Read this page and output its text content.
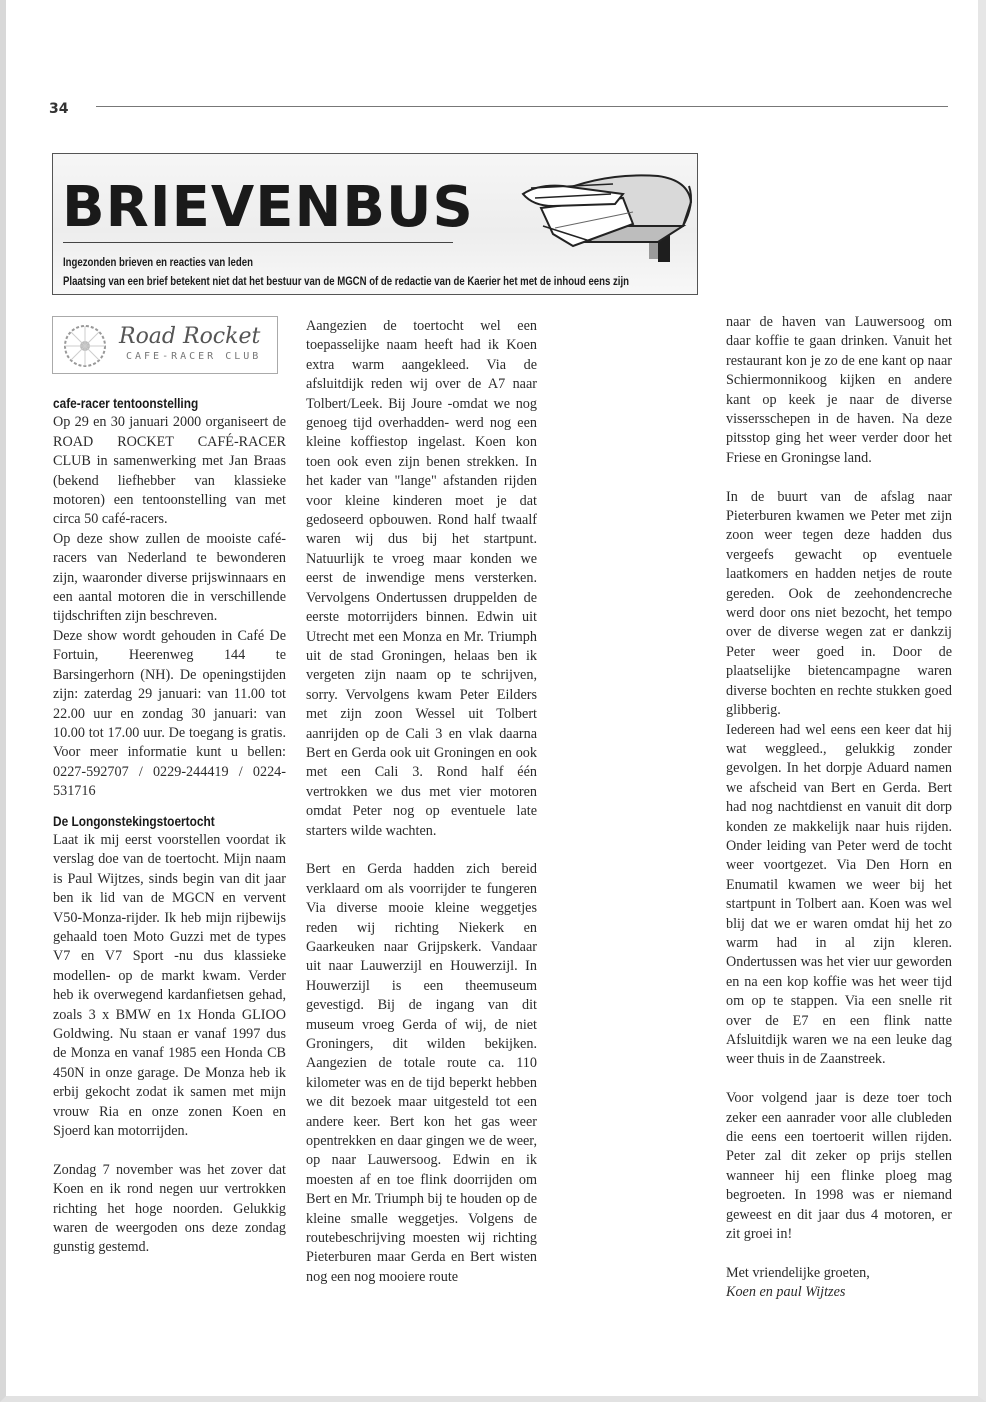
34
BRIEVENBUS
Ingezonden brieven en reacties van leden
Plaatsing van een brief betekent niet dat het bestuur van de MGCN of de redactie van de Kaerier het met de inhoud eens zijn
Road Rocket
CAFE-RACER CLUB
cafe-racer tentoonstelling

Op 29 en 30 januari 2000 organiseert de ROAD ROCKET CAFÉ-RACER CLUB in samenwerking met Jan Braas (bekend liefhebber van klassieke motoren) een tentoonstelling van met circa 50 café-racers.

Op deze show zullen de mooiste café-racers van Nederland te bewonderen zijn, waaronder diverse prijswinnaars en een aantal motoren die in verschillende tijdschriften zijn beschreven.

Deze show wordt gehouden in Café De Fortuin, Heerenweg 144 te Barsingerhorn (NH). De openingstijden zijn: zaterdag 29 januari: van 11.00 tot 22.00 uur en zondag 30 januari: van 10.00 tot 17.00 uur. De toegang is gratis. Voor meer informatie kunt u bellen: 0227-592707 / 0229-244419 / 0224-531716

De Longonstekingstoertocht

Laat ik mij eerst voorstellen voordat ik verslag doe van de toertocht. Mijn naam is Paul Wijtzes, sinds begin van dit jaar ben ik lid van de MGCN en vervent V50-Monza-rijder. Ik heb mijn rijbewijs gehaald toen Moto Guzzi met de types V7 en V7 Sport -nu dus klassieke modellen- op de markt kwam. Verder heb ik overwegend kardanfietsen gehad, zoals 3 x BMW en 1x Honda GLIOO Goldwing. Nu staan er vanaf 1997 dus de Monza en vanaf 1985 een Honda CB 450N in onze garage. De Monza heb ik erbij gekocht zodat ik samen met mijn vrouw Ria en onze zonen Koen en Sjoerd kan motorrijden.

Zondag 7 november was het zover dat Koen en ik rond negen uur vertrokken richting het hoge noorden. Gelukkig waren de weergoden ons deze zondag gunstig gestemd.

Aangezien de toertocht wel een toepasselijke naam heeft had ik Koen extra warm aangekleed. Via de afsluitdijk reden wij over de A7 naar Tolbert/Leek. Bij Joure -omdat we nog genoeg tijd overhadden- werd nog een kleine koffiestop ingelast. Koen kon toen ook even zijn benen strekken. In het kader van "lange" afstanden rijden voor kleine kinderen moet je dat gedoseerd opbouwen. Rond half twaalf waren wij dus bij het startpunt. Natuurlijk te vroeg maar konden we eerst de inwendige mens versterken. Vervolgens Ondertussen druppelden de eerste motorrijders binnen. Edwin uit Utrecht met een Monza en Mr. Triumph uit de stad Groningen, helaas ben ik vergeten zijn naam op te schrijven, sorry. Vervolgens kwam Peter Eilders met zijn zoon Wessel uit Tolbert aanrijden op de Cali 3 en vlak daarna Bert en Gerda ook uit Groningen en ook met een Cali 3. Rond half één vertrokken we dus met vier motoren omdat Peter nog op eventuele late starters wilde wachten.

Bert en Gerda hadden zich bereid verklaard om als voorrijder te fungeren Via diverse mooie kleine weggetjes reden wij richting Niekerk en Gaarkeuken naar Grijpskerk. Vandaar uit naar Lauwerzijl en Houwerzijl. In Houwerzijl is een theemuseum gevestigd. Bij de ingang van dit museum vroeg Gerda of wij, de niet Groningers, dit wilden bekijken. Aangezien de totale route ca. 110 kilometer was en de tijd beperkt hebben we dit bezoek maar uitgesteld tot een andere keer. Bert kon het gas weer opentrekken en daar gingen we de weer, op naar Lauwersoog. Edwin en ik moesten af en toe flink doorrijden om Bert en Mr. Triumph bij te houden op de kleine smalle weggetjes. Volgens de routebeschrijving moesten wij richting Pieterburen maar Gerda en Bert wisten nog een nog mooiere route

naar de haven van Lauwersoog om daar koffie te gaan drinken. Vanuit het restaurant kon je zo de ene kant op naar Schiermonnikoog kijken en andere kant op keek je naar de diverse vissersschepen in de haven. Na deze pitsstop ging het weer verder door het Friese en Groningse land.

In de buurt van de afslag naar Pieterburen kwamen we Peter met zijn zoon weer tegen deze hadden dus vergeefs gewacht op eventuele laatkomers en hadden netjes de route gereden. Ook de zeehondencreche werd door ons niet bezocht, het tempo over de diverse wegen zat er dankzij Peter weer goed in. Door de plaatselijke bietencampagne waren diverse bochten en rechte stukken goed glibberig.

Iedereen had wel eens een keer dat hij wat weggleed., gelukkig zonder gevolgen. In het dorpje Aduard namen we afscheid van Bert en Gerda. Bert had nog nachtdienst en vanuit dit dorp konden ze makkelijk naar huis rijden. Onder leiding van Peter werd de tocht weer voortgezet. Via Den Horn en Enumatil kwamen we weer bij het startpunt in Tolbert aan. Koen was wel blij dat we er waren omdat hij het zo warm had in al zijn kleren. Ondertussen was het vier uur geworden en na een kop koffie was het weer tijd om op te stappen. Via een snelle rit over de E7 en een flink natte Afsluitdijk waren we na een leuke dag weer thuis in de Zaanstreek.

Voor volgend jaar is deze toer toch zeker een aanrader voor alle clubleden die eens een toertoerit willen rijden. Peter zal dit zeker op prijs stellen wanneer hij een flinke ploeg mag begroeten. In 1998 was er niemand geweest en dit jaar dus 4 motoren, er zit groei in!

Met vriendelijke groeten,

Koen en paul Wijtzes
